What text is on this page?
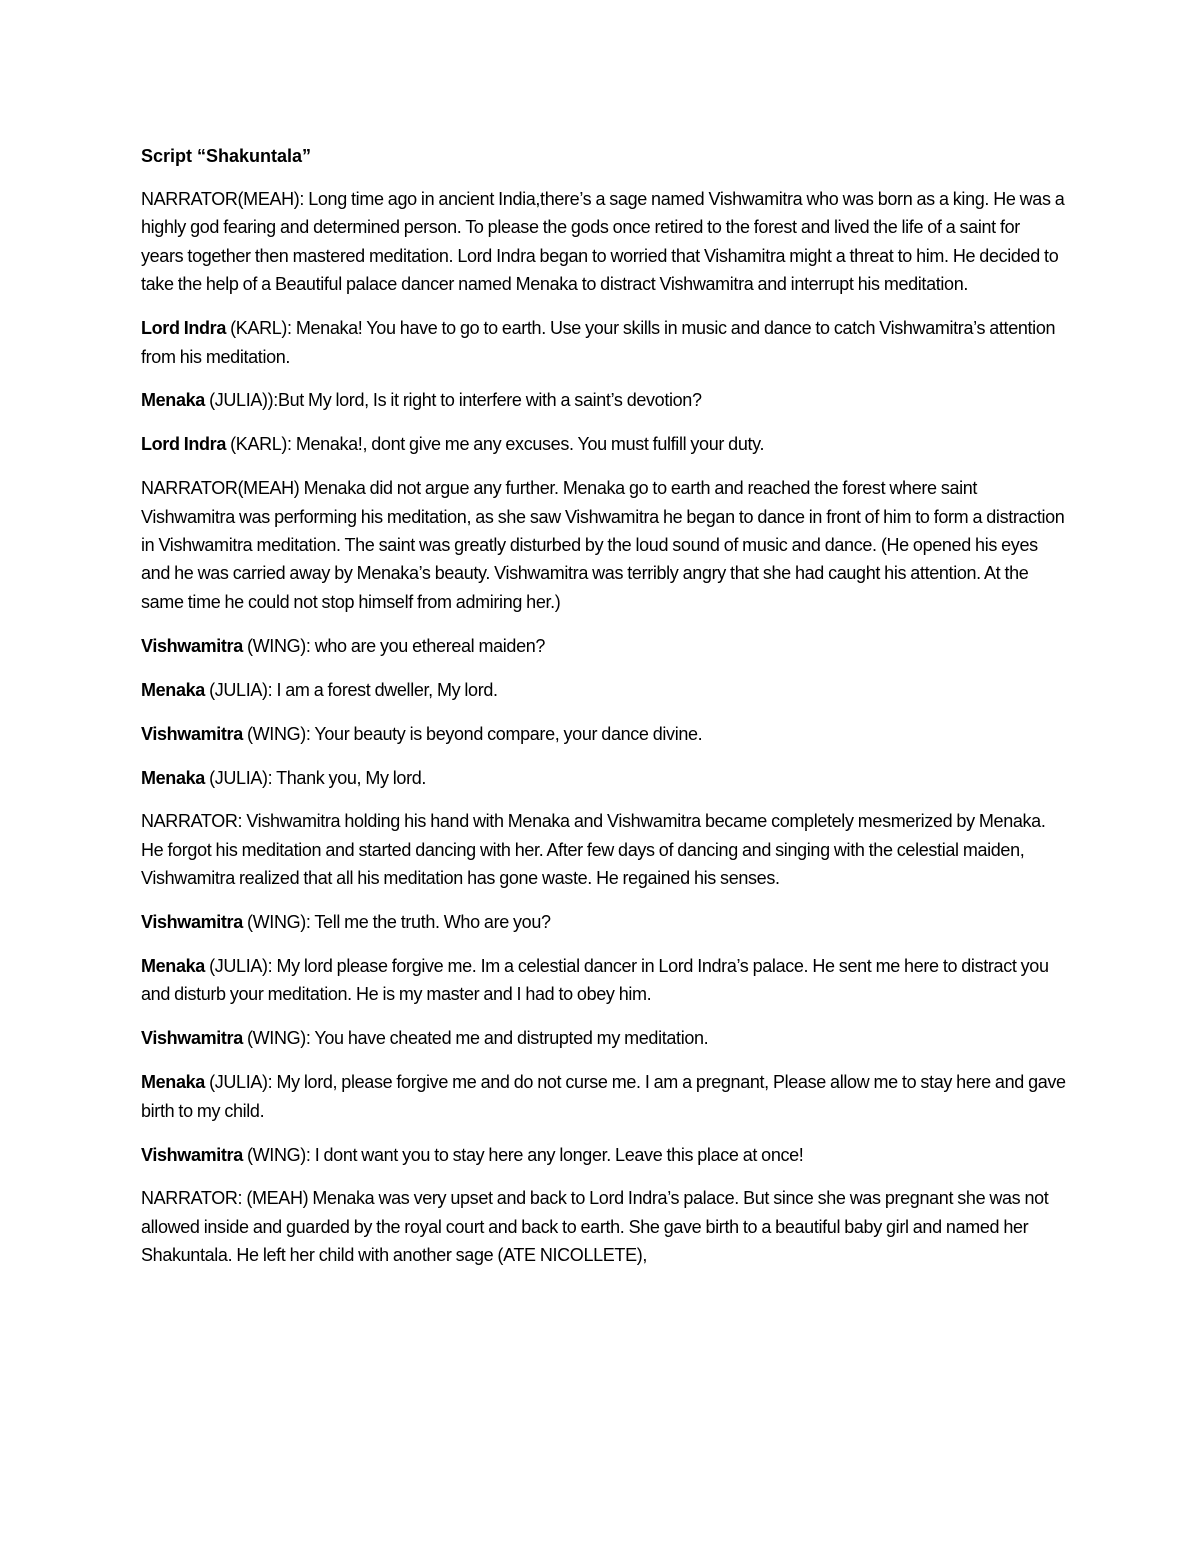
Script “Shakuntala”

NARRATOR(MEAH): Long time ago in ancient India,there’s a sage named Vishwamitra who was born as a king. He was a highly god fearing and determined person. To please the gods once retired to the forest and lived the life of a saint for years together then mastered meditation. Lord Indra began to worried that Vishamitra might a threat to him. He decided to take the help of a Beautiful palace dancer named Menaka to distract Vishwamitra and interrupt his meditation.

Lord Indra (KARL): Menaka! You have to go to earth. Use your skills in music and dance to catch Vishwamitra’s attention from his meditation.

Menaka (JULIA)):But My lord, Is it right to interfere with a saint’s devotion?

Lord Indra (KARL): Menaka!, dont give me any excuses. You must fulfill your duty.

NARRATOR(MEAH) Menaka did not argue any further. Menaka go to earth and reached the forest where saint Vishwamitra was performing his meditation, as she saw Vishwamitra he began to dance in front of him to form a distraction in Vishwamitra meditation. The saint was greatly disturbed by the loud sound of music and dance. (He opened his eyes and he was carried away by Menaka’s beauty. Vishwamitra was terribly angry that she had caught his attention. At the same time he could not stop himself from admiring her.)

Vishwamitra (WING): who are you ethereal maiden?

Menaka (JULIA): I am a forest dweller, My lord.

Vishwamitra (WING): Your beauty is beyond compare, your dance divine.

Menaka (JULIA): Thank you, My lord.

NARRATOR: Vishwamitra holding his hand with Menaka and Vishwamitra became completely mesmerized by Menaka. He forgot his meditation and started dancing with her. After few days of dancing and singing with the celestial maiden, Vishwamitra realized that all his meditation has gone waste. He regained his senses.

Vishwamitra (WING): Tell me the truth. Who are you?

Menaka (JULIA): My lord please forgive me. Im a celestial dancer in Lord Indra’s palace. He sent me here to distract you and disturb your meditation. He is my master and I had to obey him.

Vishwamitra (WING): You have cheated me and distrupted my meditation.

Menaka (JULIA): My lord, please forgive me and do not curse me. I am a pregnant, Please allow me to stay here and gave birth to my child.

Vishwamitra (WING): I dont want you to stay here any longer. Leave this place at once!

NARRATOR: (MEAH) Menaka was very upset and back to Lord Indra’s palace. But since she was pregnant she was not allowed inside and guarded by the royal court and back to earth. She gave birth to a beautiful baby girl and named her Shakuntala. He left her child with another sage (ATE NICOLLETE),
